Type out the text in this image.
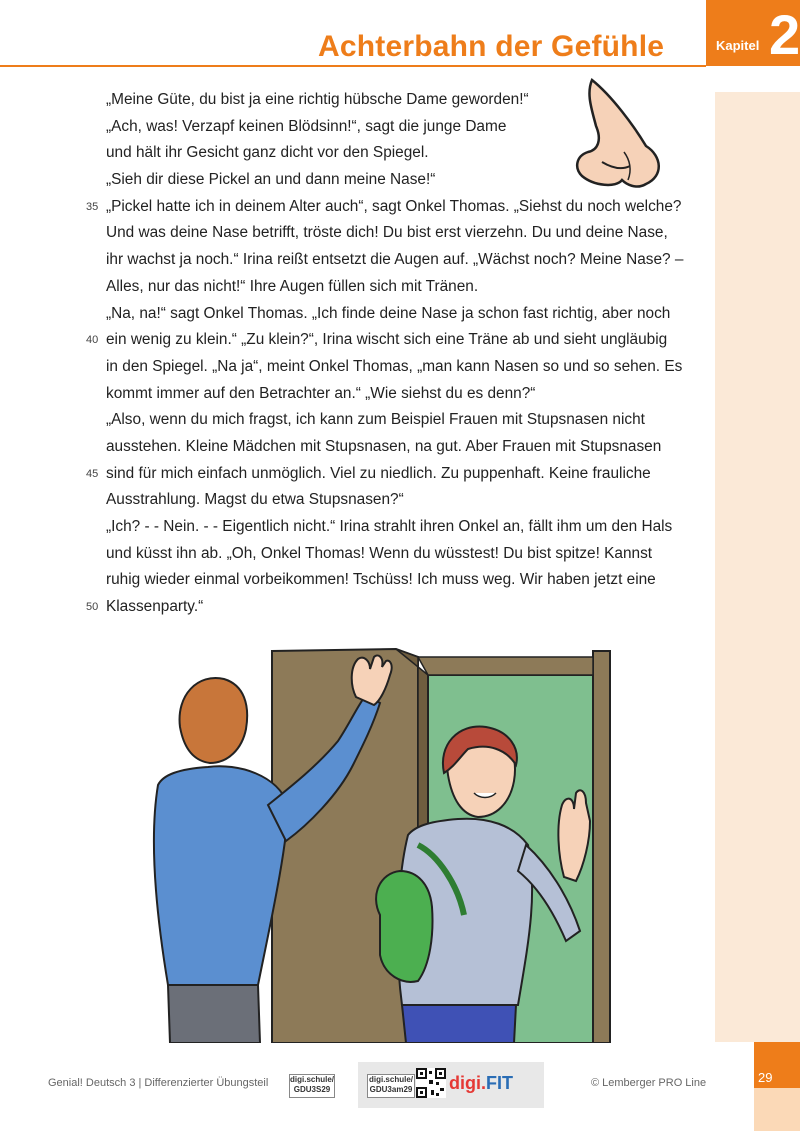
Achterbahn der Gefühle	Kapitel 2
„Meine Güte, du bist ja eine richtig hübsche Dame geworden!“
„Ach, was! Verzapf keinen Blödsinn!“, sagt die junge Dame
und hält ihr Gesicht ganz dicht vor den Spiegel.
„Sieh dir diese Pickel an und dann meine Nase!“
35 „Pickel hatte ich in deinem Alter auch“, sagt Onkel Thomas. „Siehst du noch welche?
Und was deine Nase betrifft, tröste dich! Du bist erst vierzehn. Du und deine Nase,
ihr wachst ja noch.“ Irina reißt entsetzt die Augen auf. „Wächst noch? Meine Nase? –
Alles, nur das nicht!“ Ihre Augen füllen sich mit Tränen.
„Na, na!“ sagt Onkel Thomas. „Ich finde deine Nase ja schon fast richtig, aber noch
40 ein wenig zu klein.“ „Zu klein?“, Irina wischt sich eine Träne ab und sieht ungläubig
in den Spiegel. „Na ja“, meint Onkel Thomas, „man kann Nasen so und so sehen. Es
kommt immer auf den Betrachter an.“ „Wie siehst du es denn?“
„Also, wenn du mich fragst, ich kann zum Beispiel Frauen mit Stupsnasen nicht
ausstehen. Kleine Mädchen mit Stupsnasen, na gut. Aber Frauen mit Stupsnasen
45 sind für mich einfach unmöglich. Viel zu niedlich. Zu puppenhaft. Keine frauliche
Ausstrahlung. Magst du etwa Stupsnasen?“
„Ich? - - Nein. - - Eigentlich nicht.“ Irina strahlt ihren Onkel an, fällt ihm um den Hals
und küsst ihn ab. „Oh, Onkel Thomas! Wenn du wüsstest! Du bist spitze! Kannst
ruhig wieder einmal vorbeikommen! Tschüss! Ich muss weg. Wir haben jetzt eine
50 Klassenparty.“
Genial! Deutsch 3 | Differenzierter Übungsteil	digi.schule/
GDU3S29
digi.schule/
GDU3am29 digi.FIT	© Lemberger PRO Line	29
